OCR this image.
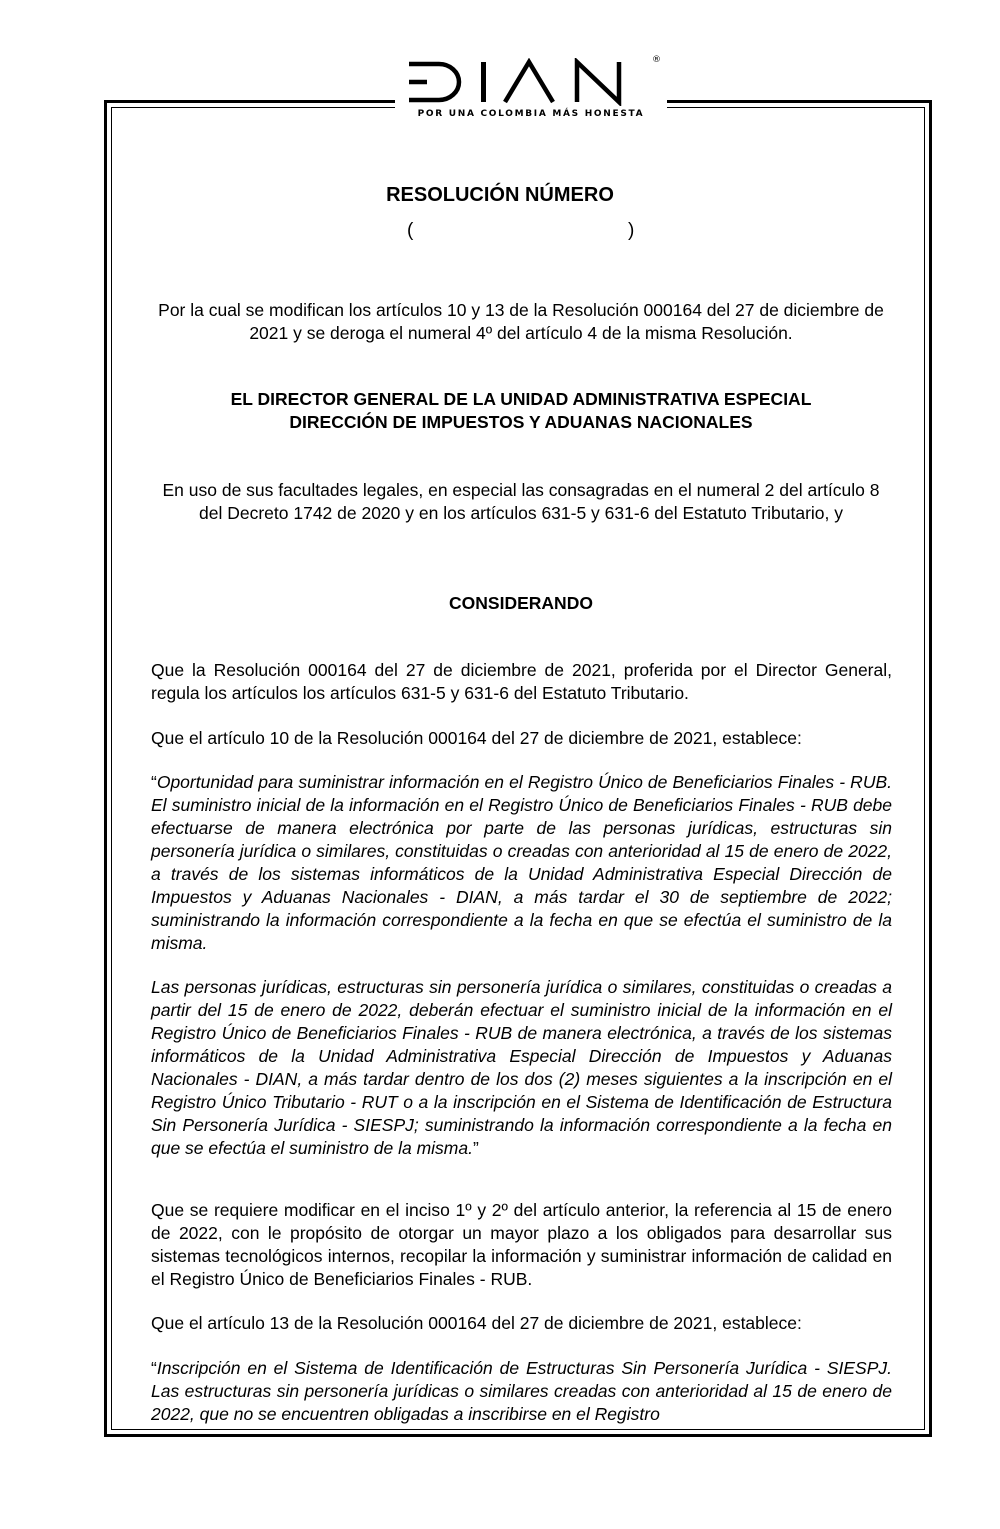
POR UNA COLOMBIA MÁS HONESTA
®
RESOLUCIÓN NÚMERO
(	)
Por la cual se modifican los artículos 10 y 13 de la Resolución 000164 del 27 de diciembre de 2021 y se deroga el numeral 4º del artículo 4 de la misma Resolución.
EL DIRECTOR GENERAL DE LA UNIDAD ADMINISTRATIVA ESPECIAL
DIRECCIÓN DE IMPUESTOS Y ADUANAS NACIONALES
En uso de sus facultades legales, en especial las consagradas en el numeral 2 del artículo 8 del Decreto 1742 de 2020 y en los artículos 631-5 y 631-6 del Estatuto Tributario, y
CONSIDERANDO
Que la Resolución 000164 del 27 de diciembre de 2021, proferida por el Director General, regula los artículos los artículos 631-5 y 631-6 del Estatuto Tributario.
Que el artículo 10 de la Resolución 000164 del 27 de diciembre de 2021, establece:
“Oportunidad para suministrar información en el Registro Único de Beneficiarios Finales - RUB. El suministro inicial de la información en el Registro Único de Beneficiarios Finales - RUB debe efectuarse de manera electrónica por parte de las personas jurídicas, estructuras sin personería jurídica o similares, constituidas o creadas con anterioridad al 15 de enero de 2022, a través de los sistemas informáticos de la Unidad Administrativa Especial Dirección de Impuestos y Aduanas Nacionales - DIAN, a más tardar el 30 de septiembre de 2022; suministrando la información correspondiente a la fecha en que se efectúa el suministro de la misma.
Las personas jurídicas, estructuras sin personería jurídica o similares, constituidas o creadas a partir del 15 de enero de 2022, deberán efectuar el suministro inicial de la información en el Registro Único de Beneficiarios Finales - RUB de manera electrónica, a través de los sistemas informáticos de la Unidad Administrativa Especial Dirección de Impuestos y Aduanas Nacionales - DIAN, a más tardar dentro de los dos (2) meses siguientes a la inscripción en el Registro Único Tributario - RUT o a la inscripción en el Sistema de Identificación de Estructura Sin Personería Jurídica - SIESPJ; suministrando la información correspondiente a la fecha en que se efectúa el suministro de la misma.”
Que se requiere modificar en el inciso 1º y 2º del artículo anterior, la referencia al 15 de enero de 2022, con le propósito de otorgar un mayor plazo a los obligados para desarrollar sus sistemas tecnológicos internos, recopilar la información y suministrar información de calidad en el Registro Único de Beneficiarios Finales - RUB.
Que el artículo 13 de la Resolución 000164 del 27 de diciembre de 2021, establece:
“Inscripción en el Sistema de Identificación de Estructuras Sin Personería Jurídica - SIESPJ. Las estructuras sin personería jurídicas o similares creadas con anterioridad al 15 de enero de 2022, que no se encuentren obligadas a inscribirse en el Registro
